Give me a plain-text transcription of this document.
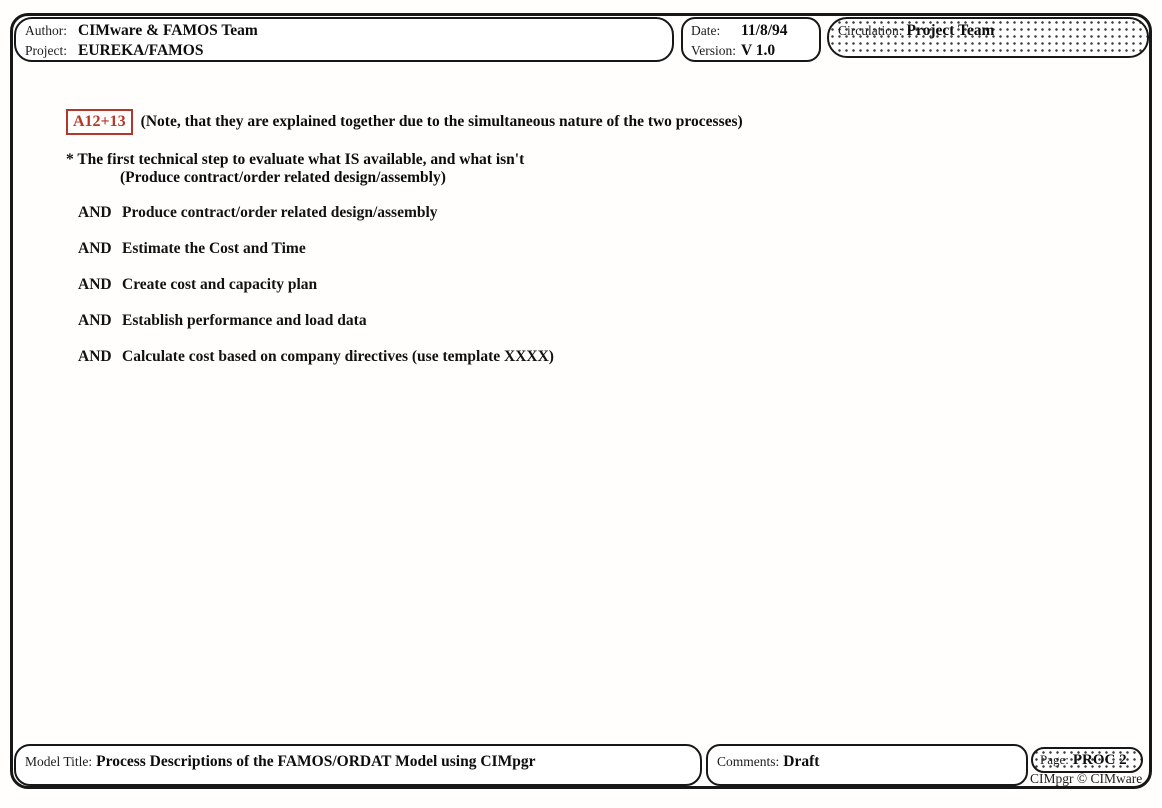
Author: CIMware & FAMOS Team
Project: EUREKA/FAMOS
Date: 11/8/94
Version: V 1.0
Circulation: Project Team
A12+13 (Note, that they are explained together due to the simultaneous nature of the two processes)
* The first technical step to evaluate what IS available, and what isn't
(Produce contract/order related design/assembly)
AND Produce contract/order related design/assembly
AND Estimate the Cost and Time
AND Create cost and capacity plan
AND Establish performance and load data
AND Calculate cost based on company directives (use template XXXX)
Model Title: Process Descriptions of the FAMOS/ORDAT Model using CIMpgr	Comments: Draft	Page: PROC 2
CIMpgr © CIMware
